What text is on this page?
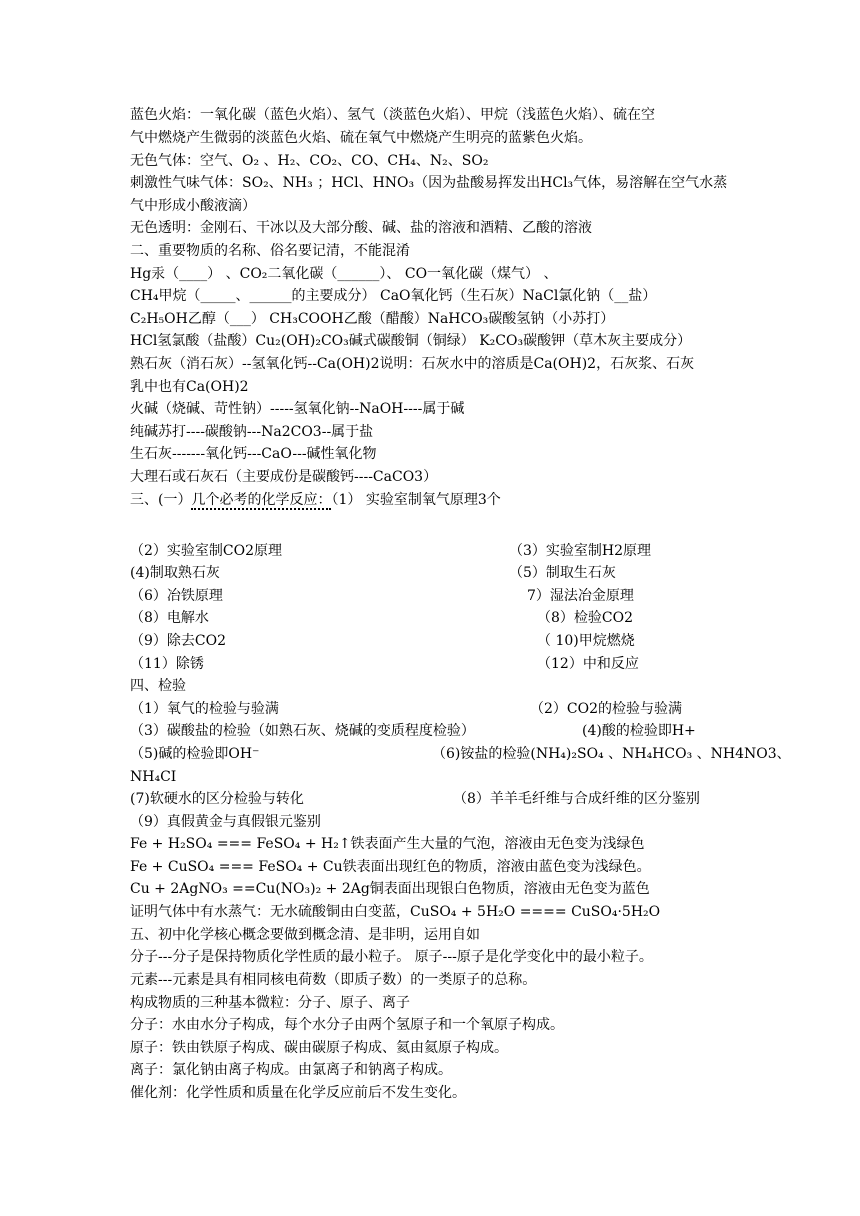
蓝色火焰：一氧化碳（蓝色火焰）、氢气（淡蓝色火焰）、甲烷（浅蓝色火焰）、硫在空

气中燃烧产生微弱的淡蓝色火焰、硫在氧气中燃烧产生明亮的蓝紫色火焰。

无色气体：空气、O₂ 、H₂、CO₂、CO、CH₄、N₂、SO₂

刺激性气味气体：SO₂、NH₃ ；HCl、HNO₃（因为盐酸易挥发出HCl₃气体，易溶解在空气水蒸

气中形成小酸液滴）

无色透明：金刚石、干冰以及大部分酸、碱、盐的溶液和酒精、乙酸的溶液

二、重要物质的名称、俗名要记清，不能混淆

Hg汞（____） 、CO₂二氧化碳（______）、 CO一氧化碳（煤气） 、

CH₄甲烷（_____、______的主要成分） CaO氧化钙（生石灰）NaCl氯化钠（__盐）

C₂H₅OH乙醇（___） CH₃COOH乙酸（醋酸）NaHCO₃碳酸氢钠（小苏打）

HCl氢氯酸（盐酸）Cu₂(OH)₂CO₃碱式碳酸铜（铜绿） K₂CO₃碳酸钾（草木灰主要成分）

熟石灰（消石灰）--氢氧化钙--Ca(OH)2说明：石灰水中的溶质是Ca(OH)2，石灰浆、石灰

乳中也有Ca(OH)2

火碱（烧碱、苛性钠）-----氢氧化钠--NaOH----属于碱

纯碱苏打----碳酸钠---Na2CO3--属于盐

生石灰-------氧化钙---CaO---碱性氧化物

大理石或石灰石（主要成份是碳酸钙----CaCO3）

三、(一）几个必考的化学反应：（1） 实验室制氧气原理3个

（2）实验室制CO2原理	（3）实验室制H2原理
(4)制取熟石灰	（5）制取生石灰
（6）冶铁原理	7）湿法冶金原理
（8）电解水	（8）检验CO2
（9）除去CO2	（ 10)甲烷燃烧
（11）除锈	（12）中和反应

四、检验

（1）氧气的检验与验满	（2）CO2的检验与验满
（3）碳酸盐的检验（如熟石灰、烧碱的变质程度检验）	(4)酸的检验即H+
（5)碱的检验即OH⁻	（6)铵盐的检验(NH₄)₂SO₄ 、NH₄HCO₃ 、NH4NO3、

NH₄CI

(7)软硬水的区分检验与转化	（8）羊羊毛纤维与合成纤维的区分鉴别

（9）真假黄金与真假银元鉴别

Fe + H₂SO₄ === FeSO₄ + H₂↑铁表面产生大量的气泡，溶液由无色变为浅绿色

Fe + CuSO₄ === FeSO₄ + Cu铁表面出现红色的物质，溶液由蓝色变为浅绿色。

Cu + 2AgNO₃ ==Cu(NO₃)₂ + 2Ag铜表面出现银白色物质，溶液由无色变为蓝色

证明气体中有水蒸气：无水硫酸铜由白变蓝，CuSO₄ + 5H₂O ==== CuSO₄·5H₂O

五、初中化学核心概念要做到概念清、是非明，运用自如

分子---分子是保持物质化学性质的最小粒子。 原子---原子是化学变化中的最小粒子。

元素---元素是具有相同核电荷数（即质子数）的一类原子的总称。

构成物质的三种基本微粒：分子、原子、离子

分子：水由水分子构成，每个水分子由两个氢原子和一个氧原子构成。

原子：铁由铁原子构成、碳由碳原子构成、氦由氦原子构成。

离子：氯化钠由离子构成。由氯离子和钠离子构成。

催化剂：化学性质和质量在化学反应前后不发生变化。
